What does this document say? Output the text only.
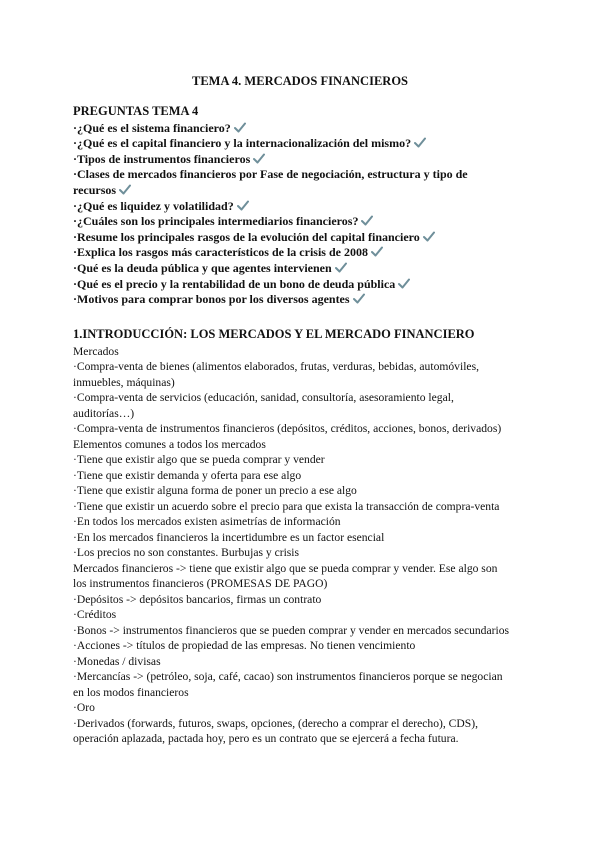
TEMA 4. MERCADOS FINANCIEROS
PREGUNTAS TEMA 4
·¿Qué es el sistema financiero?
·¿Qué es el capital financiero y la internacionalización del mismo?
·Tipos de instrumentos financieros
·Clases de mercados financieros por Fase de negociación, estructura y tipo de recursos
·¿Qué es liquidez y volatilidad?
·¿Cuáles son los principales intermediarios financieros?
·Resume los principales rasgos de la evolución del capital financiero
·Explica los rasgos más característicos de la crisis de 2008
·Qué es la deuda pública y que agentes intervienen
·Qué es el precio y la rentabilidad de un bono de deuda pública
·Motivos para comprar bonos por los diversos agentes
1.INTRODUCCIÓN: LOS MERCADOS Y EL MERCADO FINANCIERO
Mercados
·Compra-venta de bienes (alimentos elaborados, frutas, verduras, bebidas, automóviles, inmuebles, máquinas)
·Compra-venta de servicios (educación, sanidad, consultoría, asesoramiento legal, auditorías…)
·Compra-venta de instrumentos financieros (depósitos, créditos, acciones, bonos, derivados)
Elementos comunes a todos los mercados
·Tiene que existir algo que se pueda comprar y vender
·Tiene que existir demanda y oferta para ese algo
·Tiene que existir alguna forma de poner un precio a ese algo
·Tiene que existir un acuerdo sobre el precio para que exista la transacción de compra-venta
·En todos los mercados existen asimetrías de información
·En los mercados financieros la incertidumbre es un factor esencial
·Los precios no son constantes. Burbujas y crisis
Mercados financieros -> tiene que existir algo que se pueda comprar y vender. Ese algo son los instrumentos financieros (PROMESAS DE PAGO)
·Depósitos -> depósitos bancarios, firmas un contrato
·Créditos
·Bonos -> instrumentos financieros que se pueden comprar y vender en mercados secundarios
·Acciones -> títulos de propiedad de las empresas. No tienen vencimiento
·Monedas / divisas
·Mercancías -> (petróleo, soja, café, cacao) son instrumentos financieros porque se negocian en los modos financieros
·Oro
·Derivados (forwards, futuros, swaps, opciones, (derecho a comprar el derecho), CDS), operación aplazada, pactada hoy, pero es un contrato que se ejercerá a fecha futura.
